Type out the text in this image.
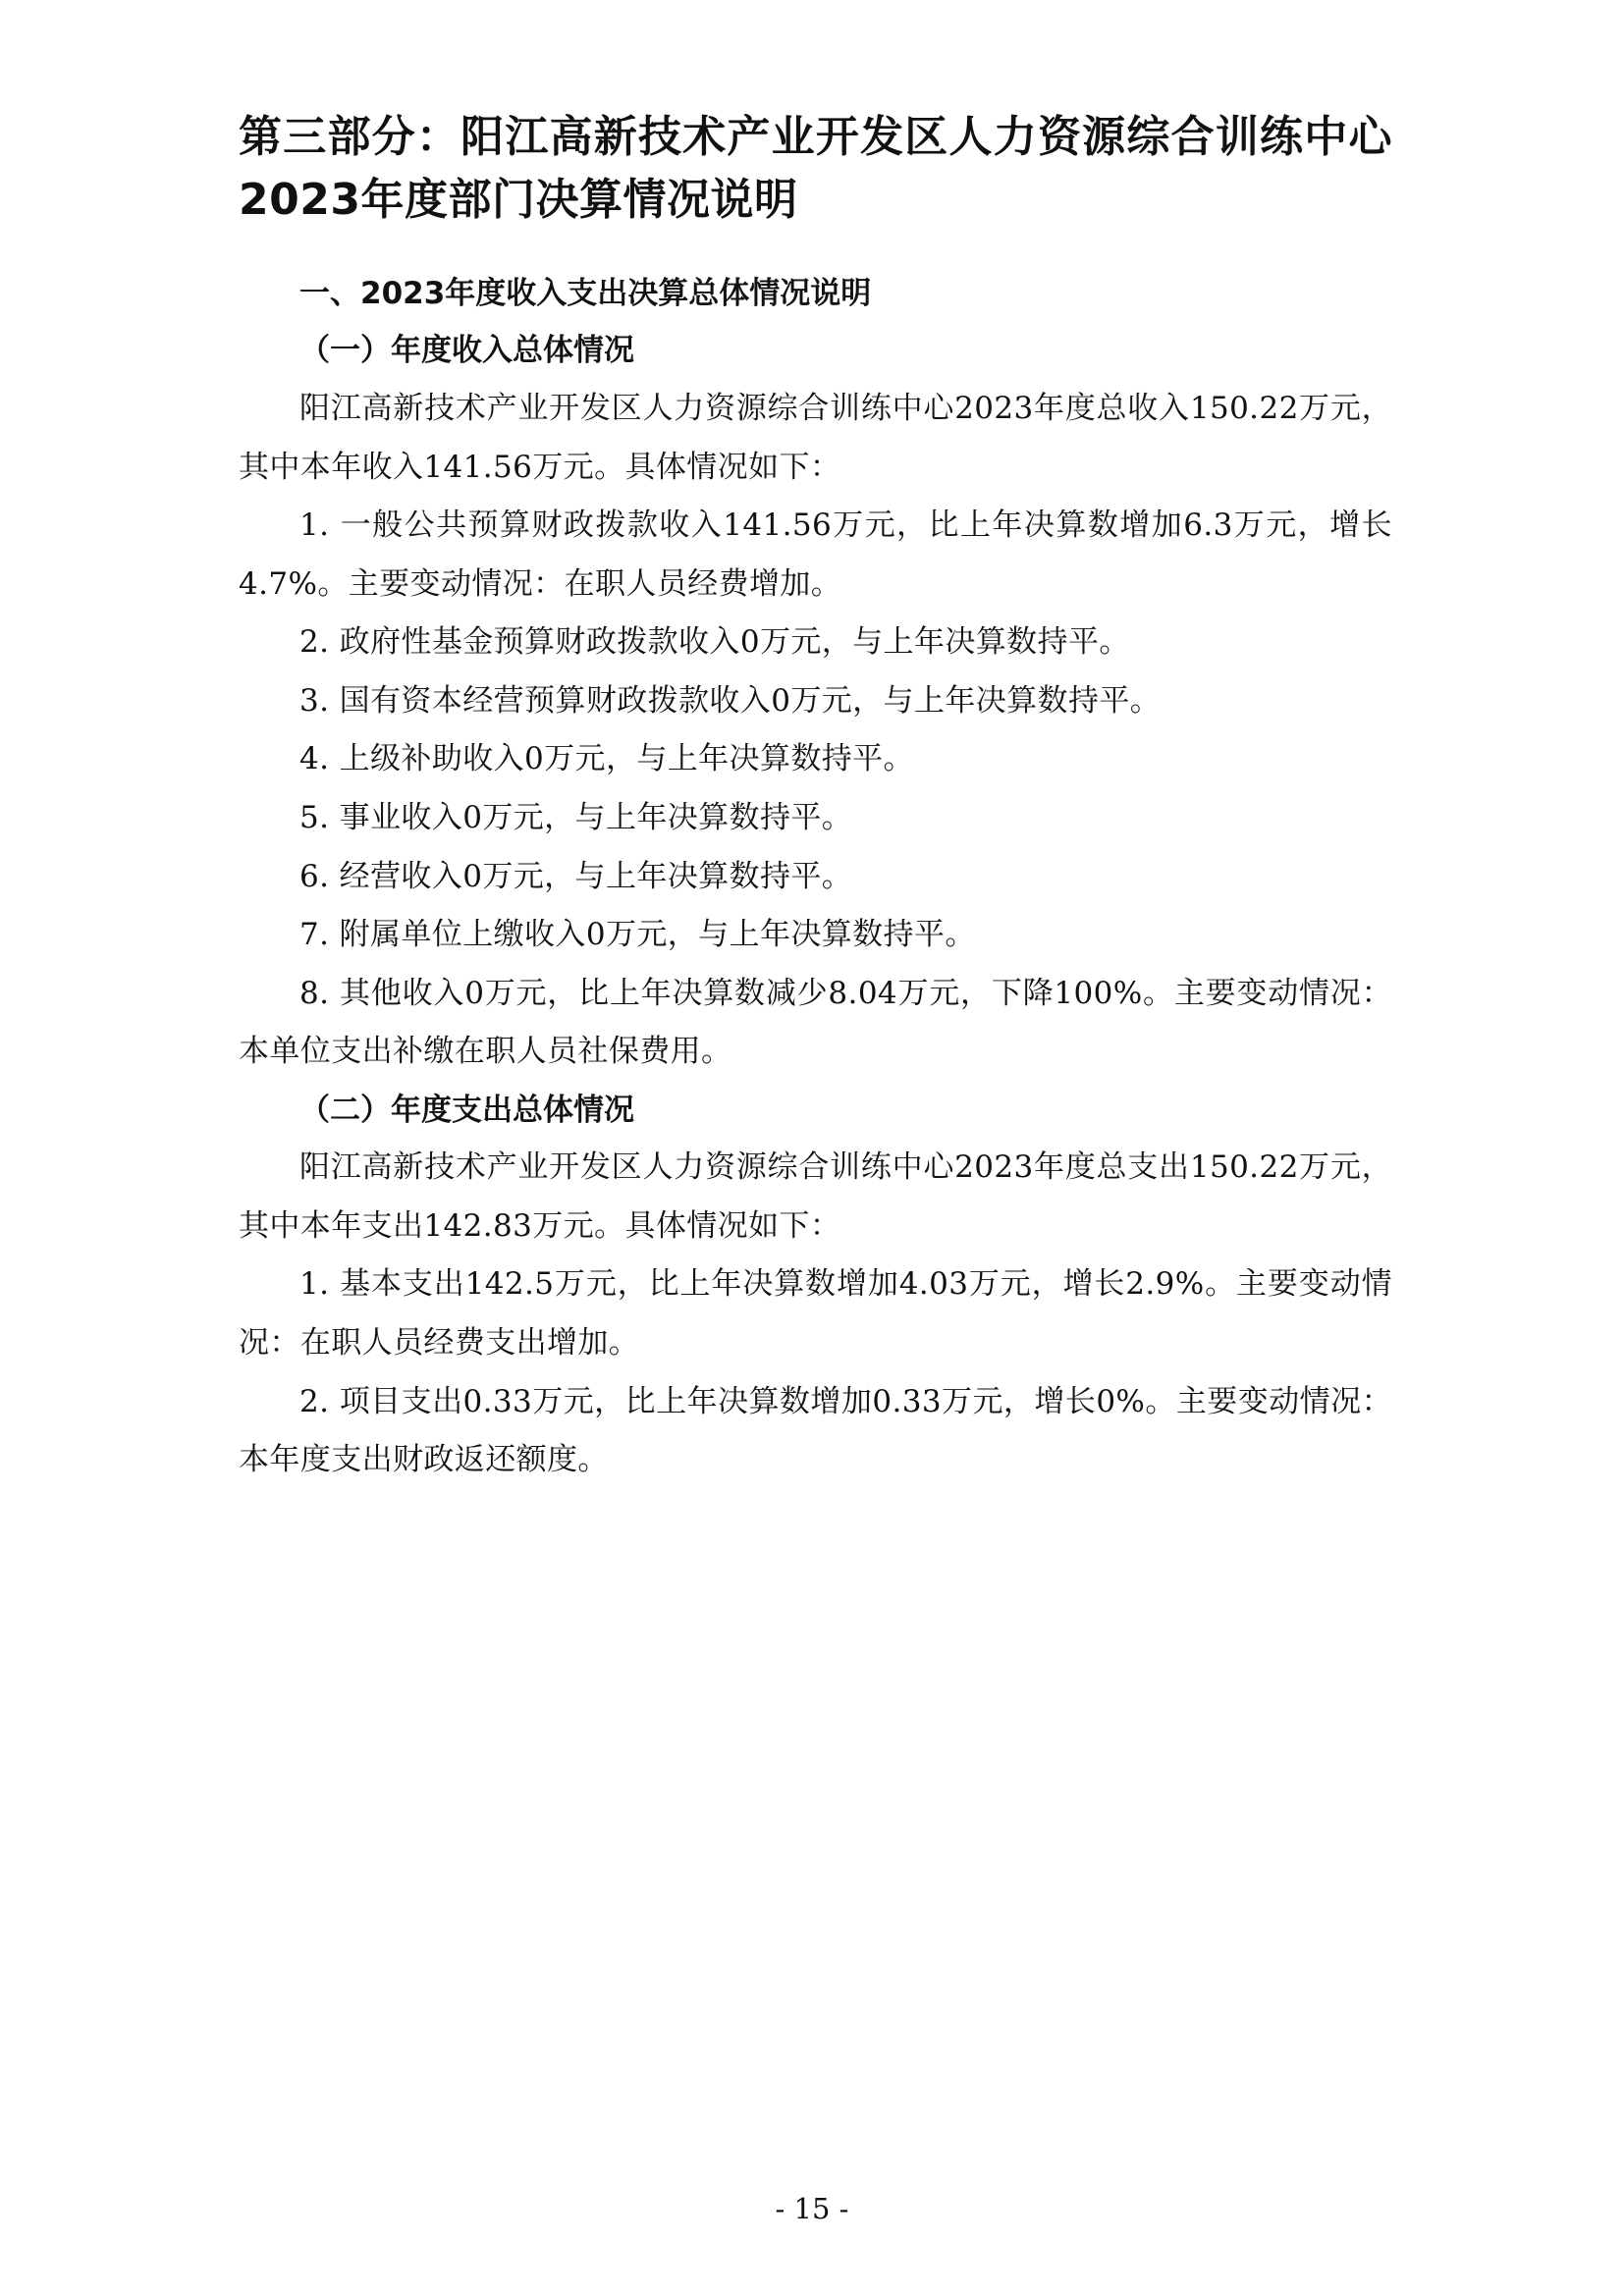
第三部分：阳江高新技术产业开发区人力资源综合训练中心2023年度部门决算情况说明

一、2023年度收入支出决算总体情况说明

（一）年度收入总体情况

阳江高新技术产业开发区人力资源综合训练中心2023年度总收入150.22万元，其中本年收入141.56万元。具体情况如下：

1. 一般公共预算财政拨款收入141.56万元，比上年决算数增加6.3万元，增长4.7%。主要变动情况：在职人员经费增加。

2. 政府性基金预算财政拨款收入0万元，与上年决算数持平。

3. 国有资本经营预算财政拨款收入0万元，与上年决算数持平。

4. 上级补助收入0万元，与上年决算数持平。

5. 事业收入0万元，与上年决算数持平。

6. 经营收入0万元，与上年决算数持平。

7. 附属单位上缴收入0万元，与上年决算数持平。

8. 其他收入0万元，比上年决算数减少8.04万元，下降100%。主要变动情况：本单位支出补缴在职人员社保费用。

（二）年度支出总体情况

阳江高新技术产业开发区人力资源综合训练中心2023年度总支出150.22万元，其中本年支出142.83万元。具体情况如下：

1. 基本支出142.5万元，比上年决算数增加4.03万元，增长2.9%。主要变动情况：在职人员经费支出增加。

2. 项目支出0.33万元，比上年决算数增加0.33万元，增长0%。主要变动情况：本年度支出财政返还额度。

- 15 -
